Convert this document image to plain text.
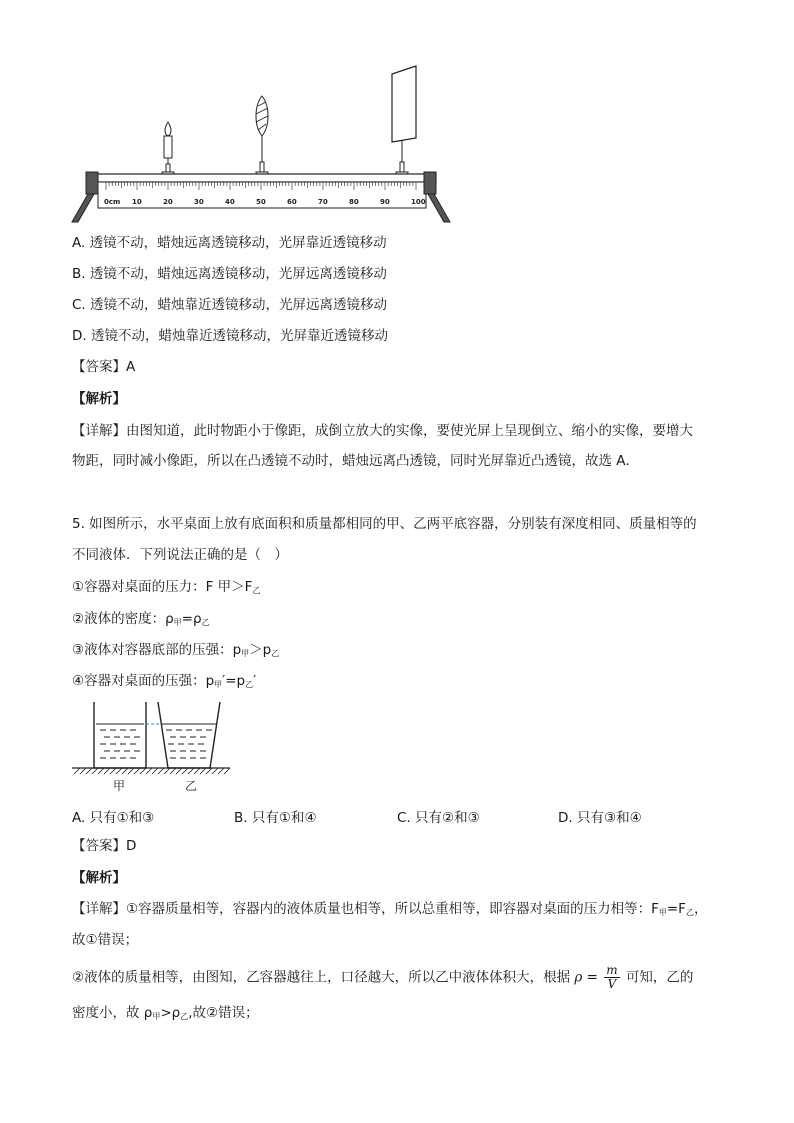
0cm 10	20	30	40	50	60	70	80	90	100
A. 透镜不动，蜡烛远离透镜移动，光屏靠近透镜移动
B. 透镜不动，蜡烛远离透镜移动，光屏远离透镜移动
C. 透镜不动，蜡烛靠近透镜移动，光屏远离透镜移动
D. 透镜不动，蜡烛靠近透镜移动，光屏靠近透镜移动
【答案】A
【解析】
【详解】由图知道，此时物距小于像距，成倒立放大的实像，要使光屏上呈现倒立、缩小的实像，要增大
物距，同时减小像距，所以在凸透镜不动时，蜡烛远离凸透镜，同时光屏靠近凸透镜，故选 A．
5. 如图所示，水平桌面上放有底面积和质量都相同的甲、乙两平底容器，分别装有深度相同、质量相等的
不同液体．下列说法正确的是（　）
①容器对桌面的压力：F 甲$>F_乙$
②液体的密度：$\rho_甲=\rho_乙$
③液体对容器底部的压强：$p_甲>p_乙$
④容器对桌面的压强：$p_甲'=p_乙'$
甲	乙
A. 只有①和③	B. 只有①和④	C. 只有②和③	D. 只有③和④
【答案】D
【解析】
【详解】①容器质量相等，容器内的液体质量也相等，所以总重相等，即容器对桌面的压力相等：$F_甲=F_乙$，
故①错误；
②液体的质量相等，由图知，乙容器越往上，口径越大，所以乙中液体体积大，根据 $\rho = \frac{m}{V}$ 可知，乙的
密度小，故 $\rho_甲>\rho_乙$,故②错误；
